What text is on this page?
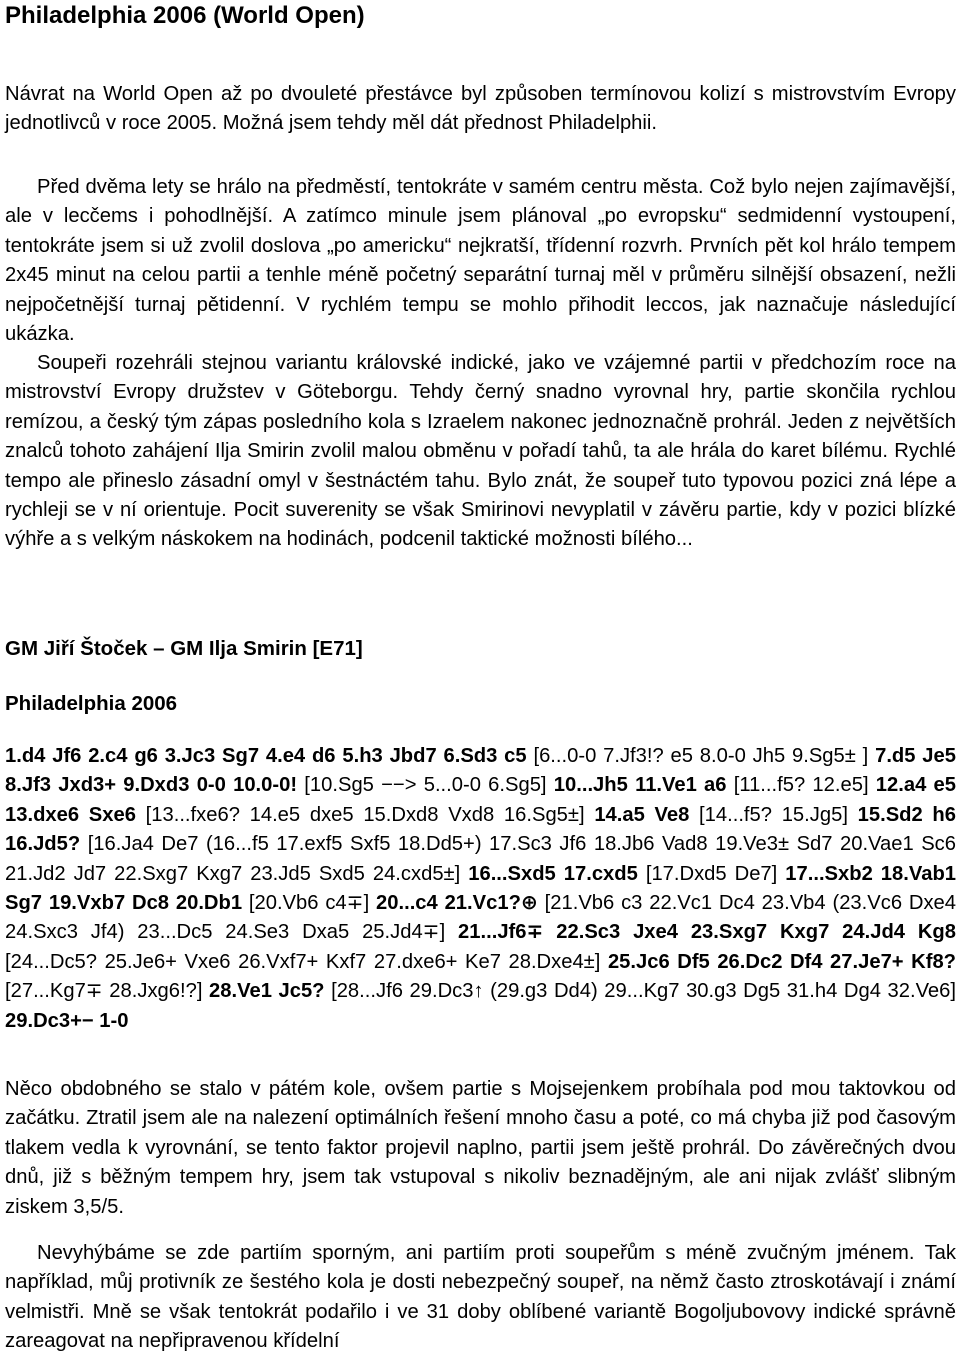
Philadelphia 2006 (World Open)

Návrat na World Open až po dvouleté přestávce byl způsoben termínovou kolizí s mistrovstvím Evropy jednotlivců v roce 2005. Možná jsem tehdy měl dát přednost Philadelphii.

Před dvěma lety se hrálo na předměstí, tentokráte v samém centru města. Což bylo nejen zajímavější, ale v lecčems i pohodlnější. A zatímco minule jsem plánoval „po evropsku“ sedmidenní vystoupení, tentokráte jsem si už zvolil doslova „po americku“ nejkratší, třídenní rozvrh. Prvních pět kol hrálo tempem 2x45 minut na celou partii a tenhle méně početný separátní turnaj měl v průměru silnější obsazení, nežli nejpočetnější turnaj pětidenní. V rychlém tempu se mohlo přihodit leccos, jak naznačuje následující ukázka.

Soupeři rozehráli stejnou variantu královské indické, jako ve vzájemné partii v předchozím roce na mistrovství Evropy družstev v Göteborgu. Tehdy černý snadno vyrovnal hry, partie skončila rychlou remízou, a český tým zápas posledního kola s Izraelem nakonec jednoznačně prohrál. Jeden z největších znalců tohoto zahájení Ilja Smirin zvolil malou obměnu v pořadí tahů, ta ale hrála do karet bílému. Rychlé tempo ale přineslo zásadní omyl v šestnáctém tahu. Bylo znát, že soupeř tuto typovou pozici zná lépe a rychleji se v ní orientuje. Pocit suverenity se však Smirinovi nevyplatil v závěru partie, kdy v pozici blízké výhře a s velkým náskokem na hodinách, podcenil taktické možnosti bílého...

GM Jiří Štoček – GM Ilja Smirin [E71]
Philadelphia 2006

1.d4 Jf6 2.c4 g6 3.Jc3 Sg7 4.e4 d6 5.h3 Jbd7 6.Sd3 c5 [6...0-0 7.Jf3!? e5 8.0-0 Jh5 9.Sg5± ] 7.d5 Je5 8.Jf3 Jxd3+ 9.Dxd3 0-0 10.0-0! [10.Sg5 −−> 5...0-0 6.Sg5] 10...Jh5 11.Ve1 a6 [11...f5? 12.e5] 12.a4 e5 13.dxe6 Sxe6 [13...fxe6? 14.e5 dxe5 15.Dxd8 Vxd8 16.Sg5±] 14.a5 Ve8 [14...f5? 15.Jg5] 15.Sd2 h6 16.Jd5? [16.Ja4 De7 (16...f5 17.exf5 Sxf5 18.Dd5+) 17.Sc3 Jf6 18.Jb6 Vad8 19.Ve3± Sd7 20.Vae1 Sc6 21.Jd2 Jd7 22.Sxg7 Kxg7 23.Jd5 Sxd5 24.cxd5±] 16...Sxd5 17.cxd5 [17.Dxd5 De7] 17...Sxb2 18.Vab1 Sg7 19.Vxb7 Dc8 20.Db1 [20.Vb6 c4∓] 20...c4 21.Vc1?⊕ [21.Vb6 c3 22.Vc1 Dc4 23.Vb4 (23.Vc6 Dxe4 24.Sxc3 Jf4) 23...Dc5 24.Se3 Dxa5 25.Jd4∓] 21...Jf6∓ 22.Sc3 Jxe4 23.Sxg7 Kxg7 24.Jd4 Kg8 [24...Dc5? 25.Je6+ Vxe6 26.Vxf7+ Kxf7 27.dxe6+ Ke7 28.Dxe4±] 25.Jc6 Df5 26.Dc2 Df4 27.Je7+ Kf8? [27...Kg7∓ 28.Jxg6!?] 28.Ve1 Jc5? [28...Jf6 29.Dc3↑ (29.g3 Dd4) 29...Kg7 30.g3 Dg5 31.h4 Dg4 32.Ve6] 29.Dc3+− 1-0

Něco obdobného se stalo v pátém kole, ovšem partie s Mojsejenkem probíhala pod mou taktovkou od začátku. Ztratil jsem ale na nalezení optimálních řešení mnoho času a poté, co má chyba již pod časovým tlakem vedla k vyrovnání, se tento faktor projevil naplno, partii jsem ještě prohrál. Do závěrečných dvou dnů, již s běžným tempem hry, jsem tak vstupoval s nikoliv beznadějným, ale ani nijak zvlášť slibným ziskem 3,5/5.

Nevyhýbáme se zde partiím sporným, ani partiím proti soupeřům s méně zvučným jménem. Tak například, můj protivník ze šestého kola je dosti nebezpečný soupeř, na němž často ztroskotávají i známí velmistři. Mně se však tentokrát podařilo i ve 31 doby oblíbené variantě Bogoljubovovy indické správně zareagovat na nepřipravenou křídelní
